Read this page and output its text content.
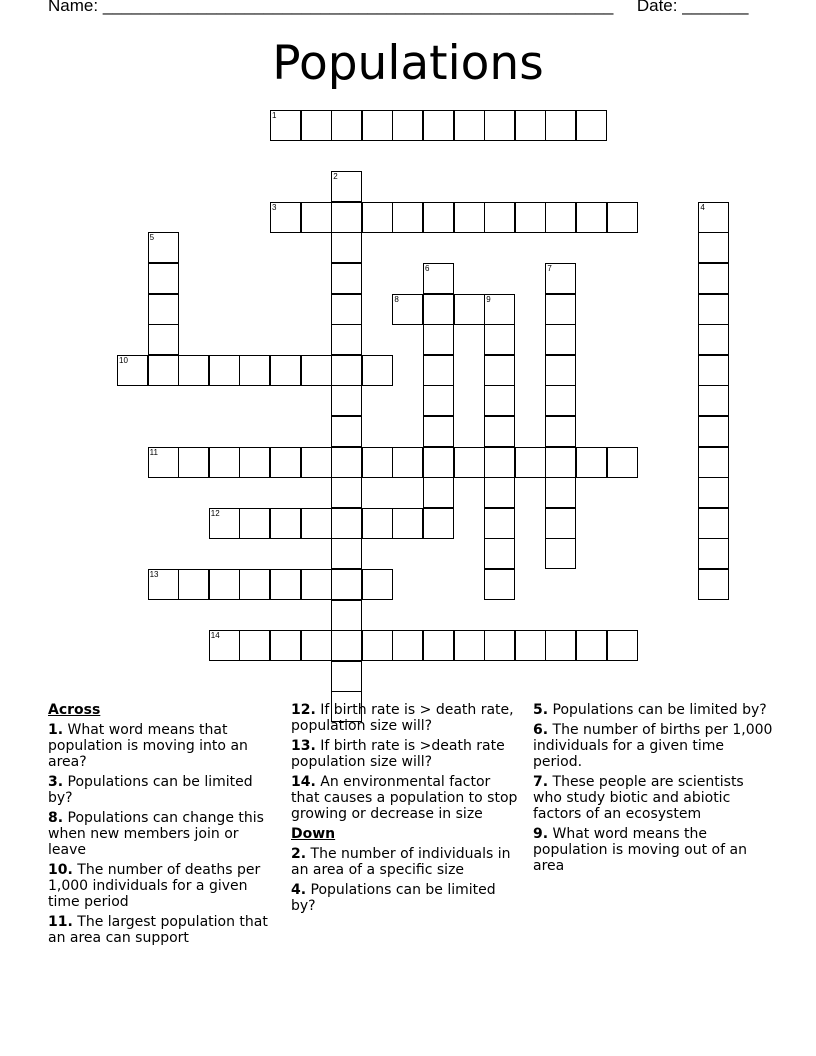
Name: ______________________________________________________ Date: _______
Populations
1
2
3	4
5
6	7
8	9
10
11
12
13
14
Across
1. What word means that population is moving into an area?
3. Populations can be limited by?
8. Populations can change this when new members join or leave
10. The number of deaths per 1,000 individuals for a given time period
11. The largest population that an area can support
12. If birth rate is > death rate, population size will?
13. If birth rate is >death rate population size will?
14. An environmental factor that causes a population to stop growing or decrease in size
Down
2. The number of individuals in an area of a specific size
4. Populations can be limited by?
5. Populations can be limited by?
6. The number of births per 1,000 individuals for a given time period.
7. These people are scientists who study biotic and abiotic factors of an ecosystem
9. What word means the population is moving out of an area
